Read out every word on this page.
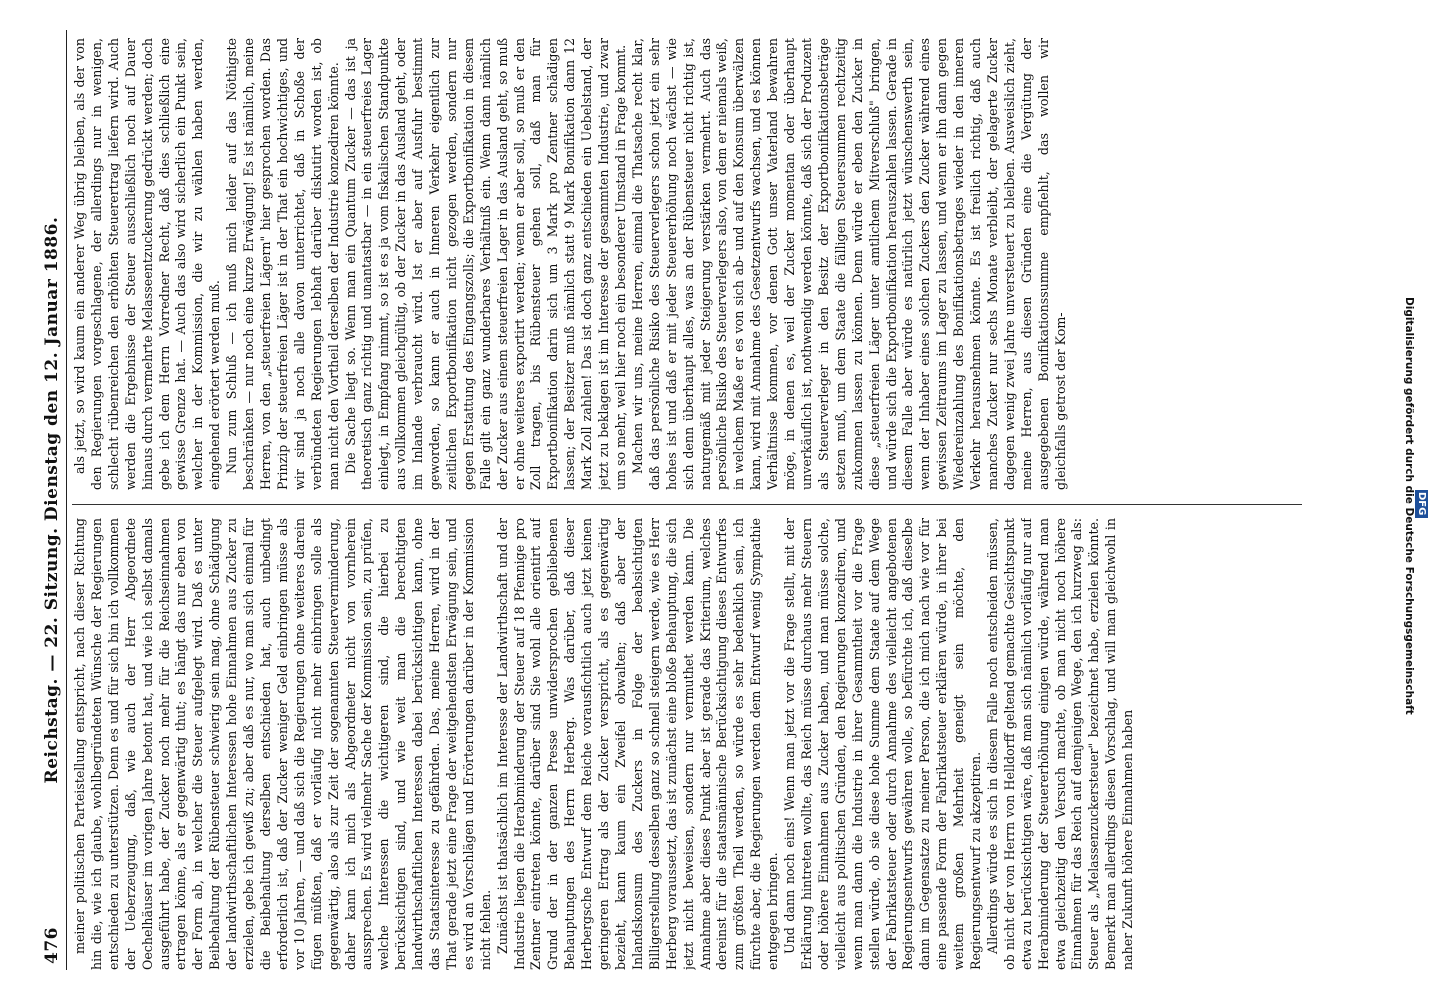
476
Reichstag. — 22. Sitzung. Dienstag den 12. Januar 1886. meiner politischen Parteistellung entspricht, nach dieser Richtung hin die, wie ich glaube, wohlbegründeten Wünsche der Regierungen entschieden zu unterstützen. Denn es und für sich bin ich vollkommen der Ueberzeugung, daß, wie auch der Herr Abgeordnete Oechelhäuser im vorigen Jahre betont hat, und wie ich selbst damals ausgeführt habe, der Zucker noch mehr für die Reichseinnahmen ertragen könne, als er gegenwärtig thut; es hängt das nur eben von der Form ab, in welcher die Steuer aufgelegt wird. Daß es unter Beibehaltung der Rübensteuer schwierig sein mag, ohne Schädigung der landwirthschaftlichen Interessen hohe Einnahmen aus Zucker zu erzielen, gebe ich gewiß zu; aber daß es nur, wo man sich einmal für die Beibehaltung derselben entschieden hat, auch unbedingt erforderlich ist, daß der Zucker weniger Geld einbringen müsse als vor 10 Jahren, — und daß sich die Regierungen ohne weiteres darein fügen müßten, daß er vorläufig nicht mehr einbringen solle als gegenwärtig, also als zur Zeit der sogenannten Steuerverminderung, daher kann ich mich als Abgeordneter nicht von vornherein aussprechen. Es wird vielmehr Sache der Kommission sein, zu prüfen, welche Interessen die wichtigeren sind, die hierbei zu berücksichtigen sind, und wie weit man die berechtigten landwirthschaftlichen Interessen dabei berücksichtigen kann, ohne das Staatsinteresse zu gefährden. Das, meine Herren, wird in der That gerade jetzt eine Frage der weitgehendsten Erwägung sein, und es wird an Vorschlägen und Erörterungen darüber in der Kommission nicht fehlen. Zunächst ist thatsächlich im Interesse der Landwirthschaft und der Industrie liegen die Herabminderung der Steuer auf 18 Pfennige pro Zentner eintreten könnte, darüber sind Sie wohl alle orientirt auf Grund der in der ganzen Presse unwidersprochen gebliebenen Behauptungen des Herrn Herberg. Was darüber, daß dieser Herbergsche Entwurf dem Reiche vorausfichtlich auch jetzt keinen geringeren Ertrag als der Zucker verspricht, als es gegenwärtig bezieht, kann kaum ein Zweifel obwalten; daß aber der Inlandskonsum des Zuckers in Folge der beabsichtigten Billigerstellung desselben ganz so schnell steigern werde, wie es Herr Herberg voraussetzt, das ist zunächst eine bloße Behauptung, die sich jetzt nicht beweisen, sondern nur vermuthet werden kann. Die Annahme aber dieses Punkt aber ist gerade das Kriterium, welches dereinst für die staatsmännische Berücksichtigung dieses Entwurfes zum größten Theil werden, so würde es sehr bedenklich sein, ich fürchte aber, die Regierungen werden dem Entwurf wenig Sympathie entgegen bringen. Und dann noch eins! Wenn man jetzt vor die Frage stellt, mit der Erklärung hintreten wollte, das Reich müsse durchaus mehr Steuern oder höhere Einnahmen aus Zucker haben, und man müsse solche, vielleicht aus politischen Gründen, den Regierungen konzediren, und wenn man dann die Industrie in ihrer Gesammtheit vor die Frage stellen würde, ob sie diese hohe Summe dem Staate auf dem Wege der Fabrikatsteuer oder durch Annahme des vielleicht angebotenen Regierungsentwurfs gewähren wolle, so befürchte ich, daß dieselbe dann im Gegensatze zu meiner Person, die ich mich nach wie vor für eine passende Form der Fabrikatsteuer erklären würde, in ihrer bei weitem großen Mehrheit geneigt sein möchte, den Regierungsentwurf zu akzeptiren. Allerdings würde es sich in diesem Falle noch entscheiden müssen, ob nicht der von Herrn von Helldorff geltend gemachte Gesichtspunkt etwa zu berücksichtigen wäre, daß man sich nämlich vorläufig nur auf Herabminderung der Steuererhöhung einigen würde, während man etwa gleichzeitig den Versuch machte, ob man nicht noch höhere Einnahmen für das Reich auf demjenigen Wege, den ich kurzweg als: Steuer als „Melassenzuckersteuer" bezeichnet habe, erzielen könnte. Bemerkt man allerdings diesen Vorschlag, und will man gleichwohl in naher Zukunft höhere Einnahmen haben

als jetzt, so wird kaum ein anderer Weg übrig bleiben, als der von den Regierungen vorgeschlagene, der allerdings nur in wenigen, schlecht rübenreichen den erhöhten Steuerertrag liefern wird. Auch werden die Ergebnisse der Steuer ausschließlich noch auf Dauer hinaus durch vermehrte Melasseentzuckerung gedrückt werden; doch gebe ich dem Herrn Vorredner Recht, daß dies schließlich eine gewisse Grenze hat. — Auch das also wird sicherlich ein Punkt sein, welcher in der Kommission, die wir zu wählen haben werden, eingehend erörtert werden muß. Nun zum Schluß — ich muß mich leider auf das Nöthigste beschränken — nur noch eine kurze Erwägung! Es ist nämlich, meine Herren, von den „steuerfreien Lägern" hier gesprochen worden. Das Prinzip der steuerfreien Läger ist in der That ein hochwichtiges, und wir sind ja noch alle davon unterrichtet, daß in Schoße der verbündeten Regierungen lebhaft darüber diskutirt worden ist, ob man nicht den Vortheil derselben der Industrie konzediren könnte. Die Sache liegt so. Wenn man ein Quantum Zucker — das ist ja theoretisch ganz richtig und unantastbar — in ein steuerfreies Lager einlegt, in Empfang nimmt, so ist es ja vom fiskalischen Standpunkte aus vollkommen gleichgültig, ob der Zucker in das Ausland geht, oder im Inlande verbraucht wird. Ist er aber auf Ausfuhr bestimmt geworden, so kann er auch in Inneren Verkehr eigentlich zur zeitlichen Exportbonifikation nicht gezogen werden, sondern nur gegen Erstattung des Eingangszolls; die Exportbonifikation in diesem Falle gilt ein ganz wunderbares Verhältniß ein. Wenn dann nämlich der Zucker aus einem steuerfreien Lager in das Ausland geht, so muß er ohne weiteres exportirt werden; wenn er aber soll, so muß er den Zoll tragen, bis Rübensteuer gehen soll, daß man für Exportbonifikation darin sich um 3 Mark pro Zentner schädigen lassen; der Besitzer muß nämlich statt 9 Mark Bonifikation dann 12 Mark Zoll zahlen! Das ist doch ganz entschieden ein Uebelstand, der jetzt zu beklagen ist im Interesse der gesammten Industrie, und zwar um so mehr, weil hier noch ein besonderer Umstand in Frage kommt. Machen wir uns, meine Herren, einmal die Thatsache recht klar, daß das persönliche Risiko des Steuerverlegers schon jetzt ein sehr hohes ist und daß er mit jeder Steuererhöhung noch wächst — wie sich denn überhaupt alles, was an der Rübensteuer nicht richtig ist, naturgemäß mit jeder Steigerung verstärken vermehrt. Auch das persönliche Risiko des Steuerverlegers also, von dem er niemals weiß, in welchem Maße er es von sich ab- und auf den Konsum überwälzen kann, wird mit Annahme des Gesetzentwurfs wachsen, und es können Verhältnisse kommen, vor denen Gott unser Vaterland bewahren möge, in denen es, weil der Zucker momentan oder überhaupt unverkäuflich ist, nothwendig werden könnte, daß sich der Produzent als Steuerverleger in den Besitz der Exportbonifikationsbeträge setzen muß, um dem Staate die fälligen Steuersummen rechtzeitig zukommen lassen zu können. Denn würde er eben den Zucker in diese „steuerfreien Läger unter amtlichem Mitverschluß" bringen, und würde sich die Exportbonifikation herauszahlen lassen. Gerade in diesem Falle aber würde es natürlich jetzt wünschenswerth sein, wenn der Inhaber eines solchen Zuckers den Zucker während eines gewissen Zeitraums im Lager zu lassen, und wenn er ihn dann gegen Wiedereinzahlung des Bonifikationsbetrages wieder in den inneren Verkehr herausnehmen könnte. Es ist freilich richtig, daß auch manches Zucker nur sechs Monate verbleibt, der gelagerte Zucker dagegen wenig zwei Jahre unversteuert zu bleiben. Ausweislich zieht, meine Herren, aus diesen Gründen eine die Vergütung der ausgegebenen Bonifikationssumme empfiehlt, das wollen wir gleichfalls getrost der Kom-

DFG
Digitalisierung gefördert durch die Deutsche Forschungsgemeinschaft
